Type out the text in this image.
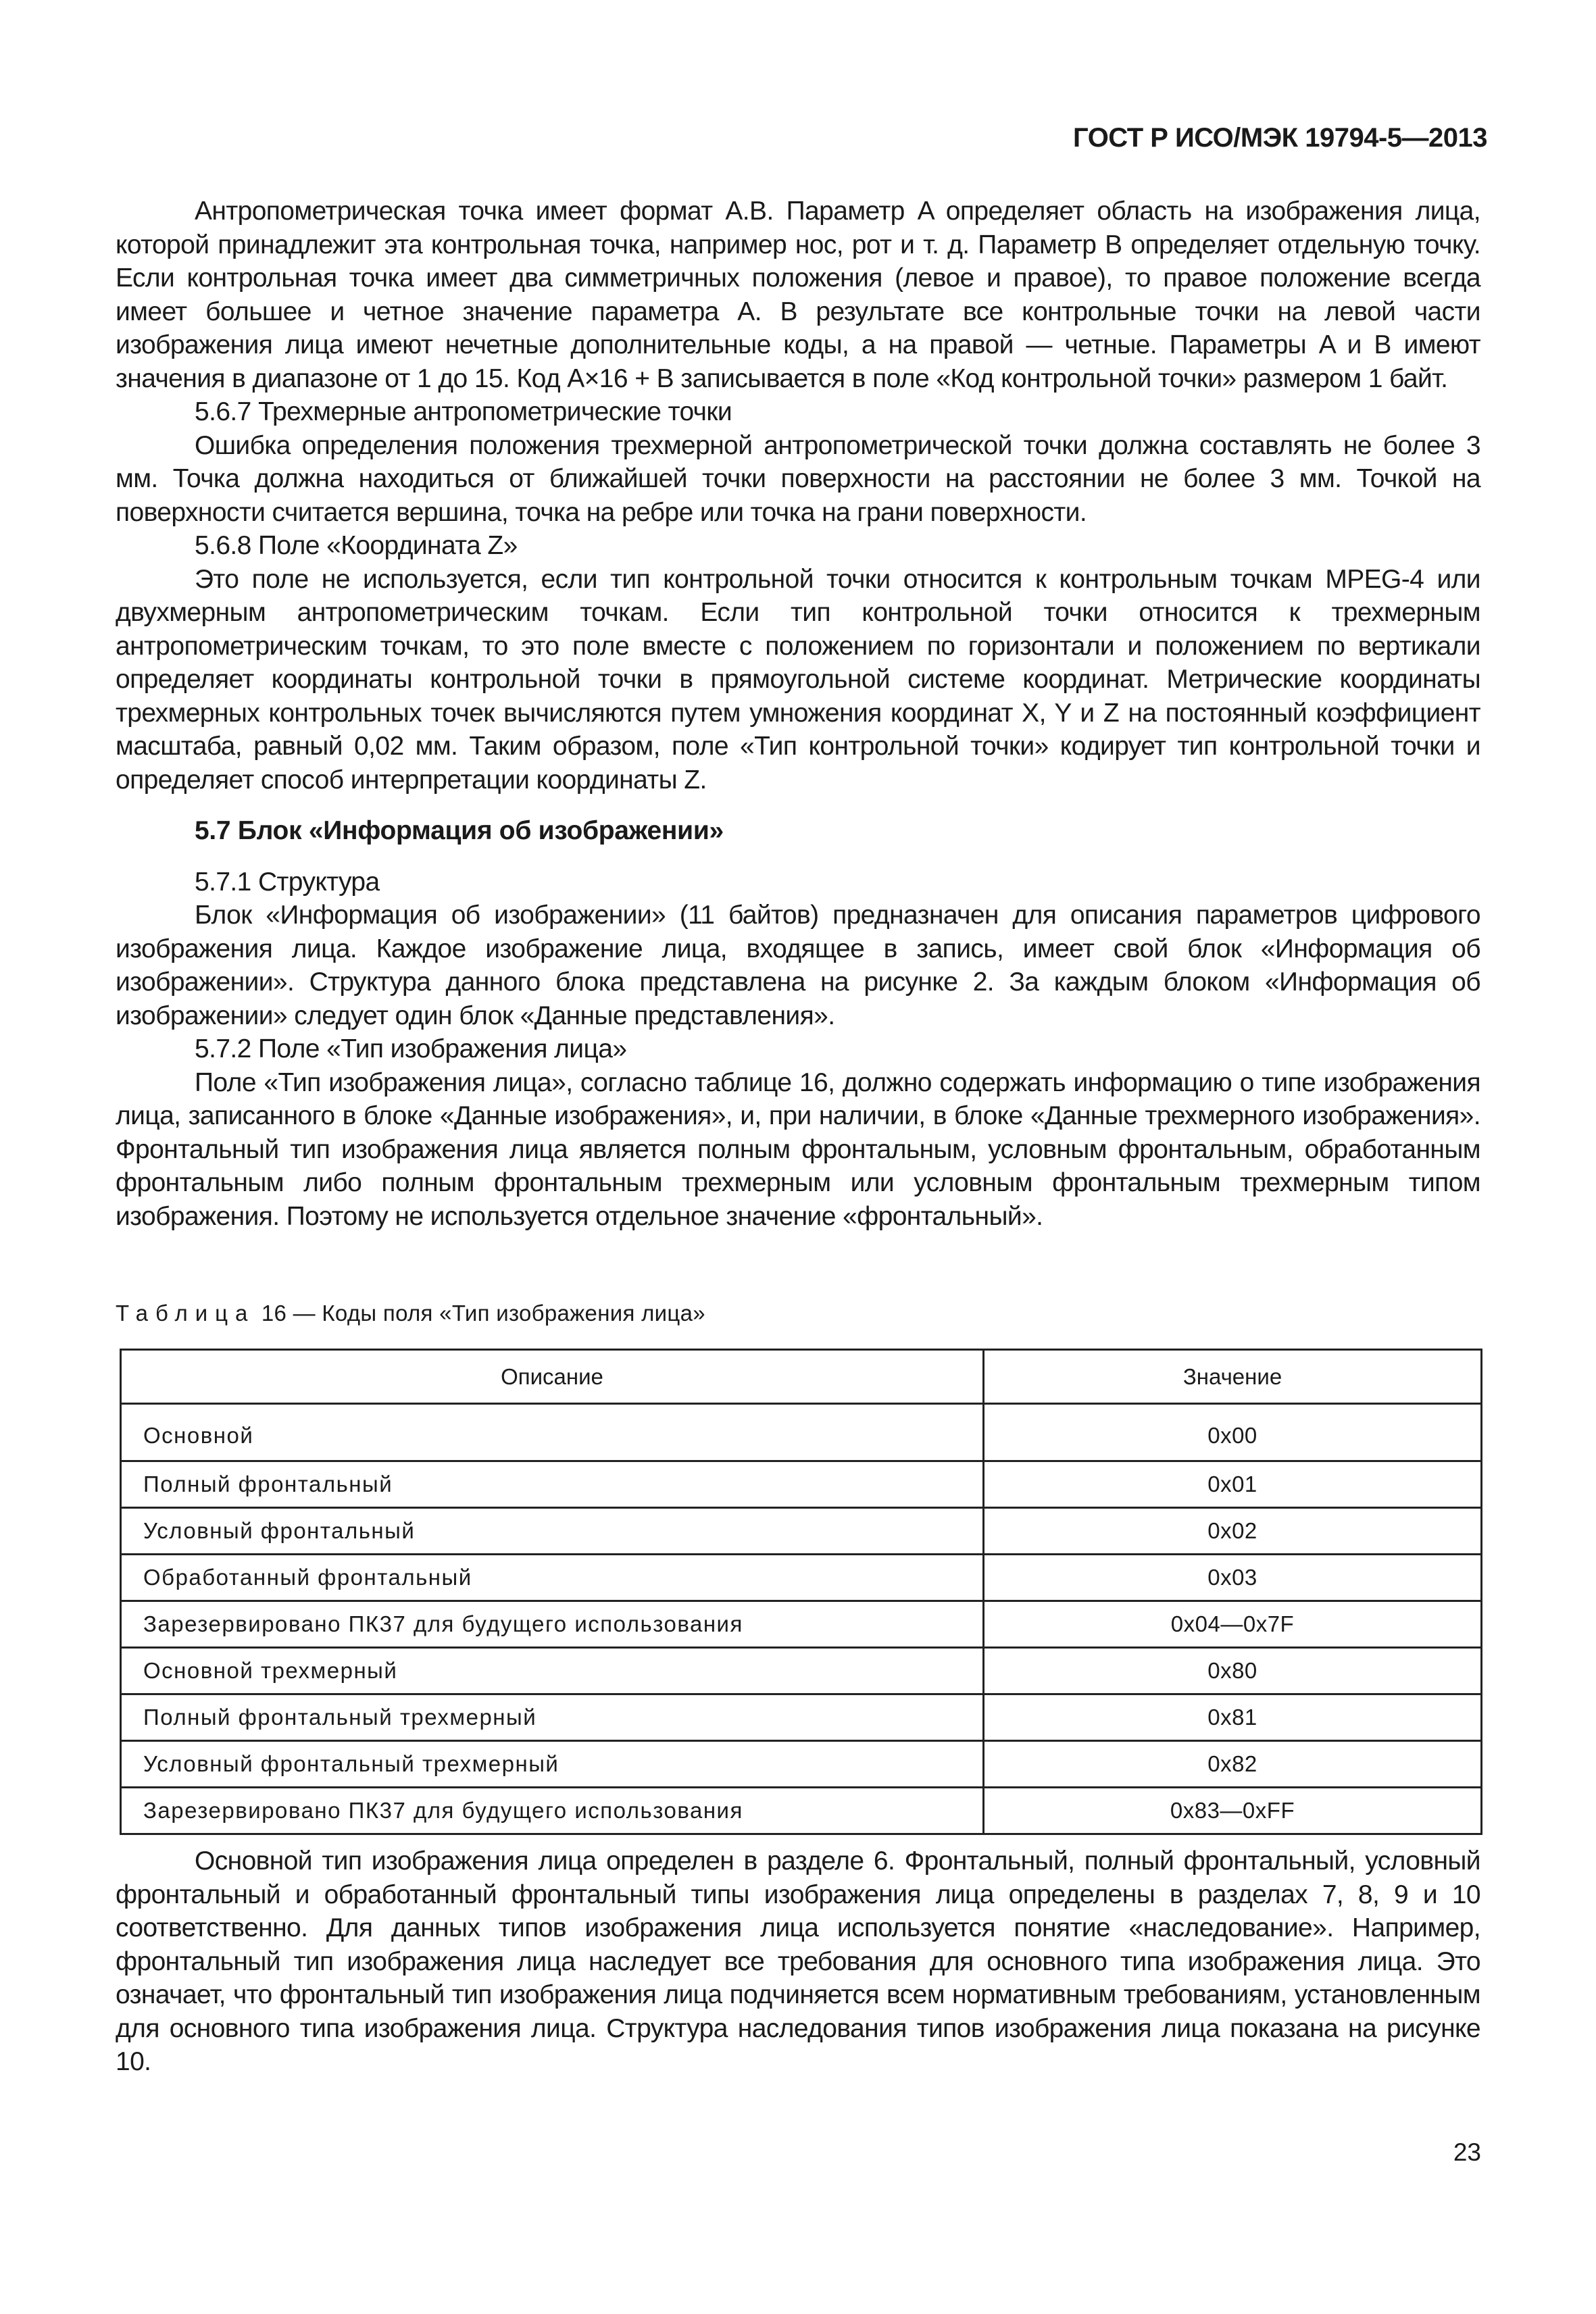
ГОСТ Р ИСО/МЭК 19794-5—2013

Антропометрическая точка имеет формат A.B. Параметр A определяет область на изображения лица, которой принадлежит эта контрольная точка, например нос, рот и т. д. Параметр B определяет отдельную точку. Если контрольная точка имеет два симметричных положения (левое и правое), то правое положение всегда имеет большее и четное значение параметра A. В результате все контрольные точки на левой части изображения лица имеют нечетные дополнительные коды, а на правой — четные. Параметры A и B имеют значения в диапазоне от 1 до 15. Код A×16 + B записывается в поле «Код контрольной точки» размером 1 байт.

5.6.7 Трехмерные антропометрические точки

Ошибка определения положения трехмерной антропометрической точки должна составлять не более 3 мм. Точка должна находиться от ближайшей точки поверхности на расстоянии не более 3 мм. Точкой на поверхности считается вершина, точка на ребре или точка на грани поверхности.

5.6.8 Поле «Координата Z»

Это поле не используется, если тип контрольной точки относится к контрольным точкам MPEG-4 или двухмерным антропометрическим точкам. Если тип контрольной точки относится к трехмерным антропометрическим точкам, то это поле вместе с положением по горизонтали и положением по вертикали определяет координаты контрольной точки в прямоугольной системе координат. Метрические координаты трехмерных контрольных точек вычисляются путем умножения координат X, Y и Z на постоянный коэффициент масштаба, равный 0,02 мм. Таким образом, поле «Тип контрольной точки» кодирует тип контрольной точки и определяет способ интерпретации координаты Z.

5.7 Блок «Информация об изображении»

5.7.1 Структура

Блок «Информация об изображении» (11 байтов) предназначен для описания параметров цифрового изображения лица. Каждое изображение лица, входящее в запись, имеет свой блок «Информация об изображении». Структура данного блока представлена на рисунке 2. За каждым блоком «Информация об изображении» следует один блок «Данные представления».

5.7.2 Поле «Тип изображения лица»

Поле «Тип изображения лица», согласно таблице 16, должно содержать информацию о типе изображения лица, записанного в блоке «Данные изображения», и, при наличии, в блоке «Данные трехмерного изображения». Фронтальный тип изображения лица является полным фронтальным, условным фронтальным, обработанным фронтальным либо полным фронтальным трехмерным или условным фронтальным трехмерным типом изображения. Поэтому не используется отдельное значение «фронтальный».

Таблица 16 — Коды поля «Тип изображения лица»
Описание	Значение
Основной	0x00
Полный фронтальный	0x01
Условный фронтальный	0x02
Обработанный фронтальный	0x03
Зарезервировано ПК37 для будущего использования	0x04—0x7F
Основной трехмерный	0x80
Полный фронтальный трехмерный	0x81
Условный фронтальный трехмерный	0x82
Зарезервировано ПК37 для будущего использования	0x83—0xFF

Основной тип изображения лица определен в разделе 6. Фронтальный, полный фронтальный, условный фронтальный и обработанный фронтальный типы изображения лица определены в разделах 7, 8, 9 и 10 соответственно. Для данных типов изображения лица используется понятие «наследование». Например, фронтальный тип изображения лица наследует все требования для основного типа изображения лица. Это означает, что фронтальный тип изображения лица подчиняется всем нормативным требованиям, установленным для основного типа изображения лица. Структура наследования типов изображения лица показана на рисунке 10.

23
